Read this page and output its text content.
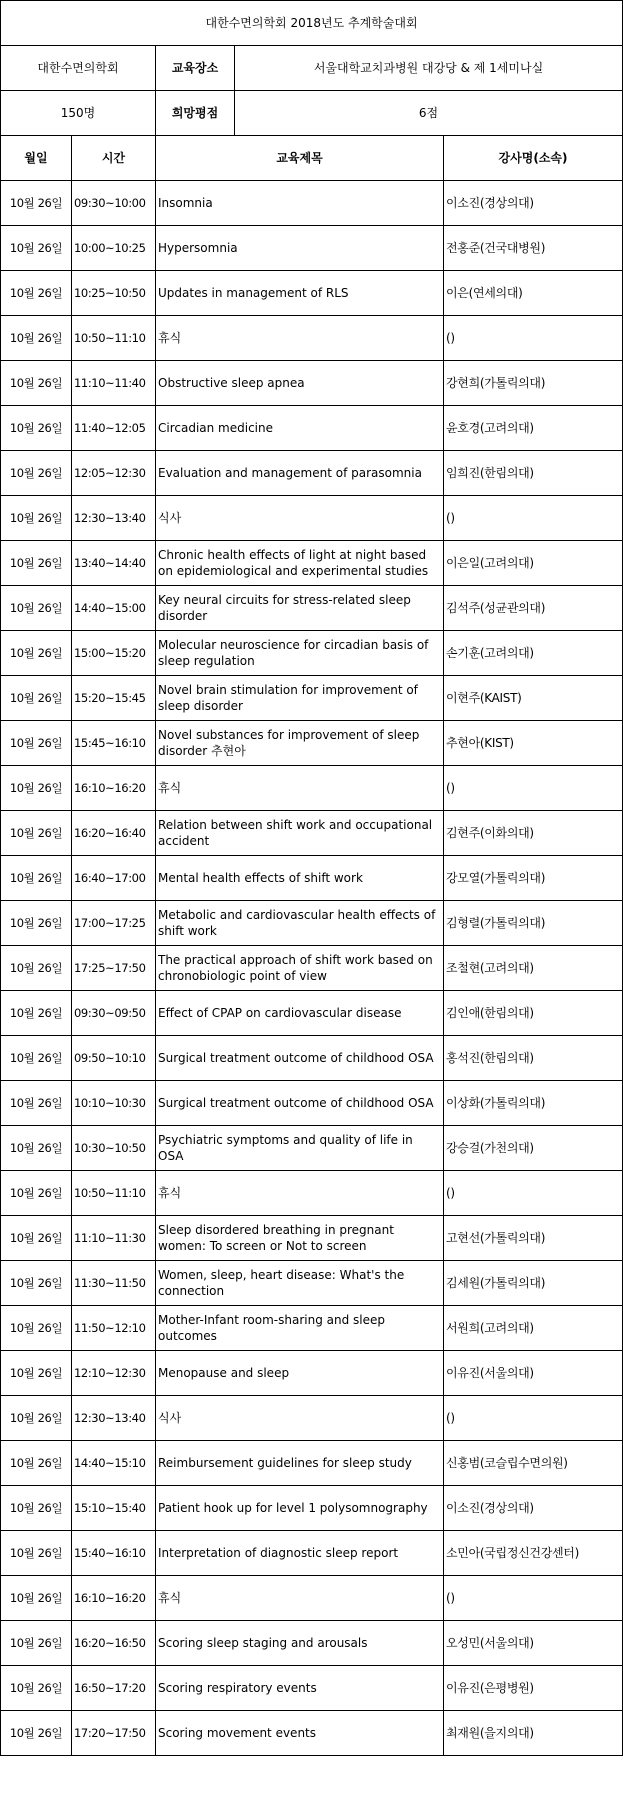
대한수면의학회 2018년도 추계학술대회				
대한수면의학회		교육장소	서울대학교치과병원 대강당 & 제 1세미나실	
150명		희망평점	6점	
월일	시간	교육제목		강사명(소속)
10월 26일	09:30~10:00	Insomnia		이소진(경상의대)
10월 26일	10:00~10:25	Hypersomnia		전홍준(건국대병원)
10월 26일	10:25~10:50	Updates in management of RLS		이은(연세의대)
10월 26일	10:50~11:10	휴식		()
10월 26일	11:10~11:40	Obstructive sleep apnea		강현희(가톨릭의대)
10월 26일	11:40~12:05	Circadian medicine		윤호경(고려의대)
10월 26일	12:05~12:30	Evaluation and management of parasomnia		임희진(한림의대)
10월 26일	12:30~13:40	식사		()
10월 26일	13:40~14:40	Chronic health effects of light at night based on epidemiological and experimental studies		이은일(고려의대)
10월 26일	14:40~15:00	Key neural circuits for stress-related sleep disorder		김석주(성균관의대)
10월 26일	15:00~15:20	Molecular neuroscience for circadian basis of sleep regulation		손기훈(고려의대)
10월 26일	15:20~15:45	Novel brain stimulation for improvement of sleep disorder		이현주(KAIST)
10월 26일	15:45~16:10	Novel substances for improvement of sleep disorder 추현아		추현아(KIST)
10월 26일	16:10~16:20	휴식		()
10월 26일	16:20~16:40	Relation between shift work and occupational accident		김현주(이화의대)
10월 26일	16:40~17:00	Mental health effects of shift work		강모열(가톨릭의대)
10월 26일	17:00~17:25	Metabolic and cardiovascular health effects of shift work		김형렬(가톨릭의대)
10월 26일	17:25~17:50	The practical approach of shift work based on chronobiologic point of view		조철현(고려의대)
10월 26일	09:30~09:50	Effect of CPAP on cardiovascular disease		김인애(한림의대)
10월 26일	09:50~10:10	Surgical treatment outcome of childhood OSA		홍석진(한림의대)
10월 26일	10:10~10:30	Surgical treatment outcome of childhood OSA		이상화(가톨릭의대)
10월 26일	10:30~10:50	Psychiatric symptoms and quality of life in OSA		강승걸(가천의대)
10월 26일	10:50~11:10	휴식		()
10월 26일	11:10~11:30	Sleep disordered breathing in pregnant women: To screen or Not to screen		고현선(가톨릭의대)
10월 26일	11:30~11:50	Women, sleep, heart disease: What's the connection		김세원(가톨릭의대)
10월 26일	11:50~12:10	Mother-Infant room-sharing and sleep outcomes		서원희(고려의대)
10월 26일	12:10~12:30	Menopause and sleep		이유진(서울의대)
10월 26일	12:30~13:40	식사		()
10월 26일	14:40~15:10	Reimbursement guidelines for sleep study		신홍범(코슬립수면의원)
10월 26일	15:10~15:40	Patient hook up for level 1 polysomnography		이소진(경상의대)
10월 26일	15:40~16:10	Interpretation of diagnostic sleep report		소민아(국립정신건강센터)
10월 26일	16:10~16:20	휴식		()
10월 26일	16:20~16:50	Scoring sleep staging and arousals		오성민(서울의대)
10월 26일	16:50~17:20	Scoring respiratory events		이유진(은평병원)
10월 26일	17:20~17:50	Scoring movement events		최재원(을지의대)
